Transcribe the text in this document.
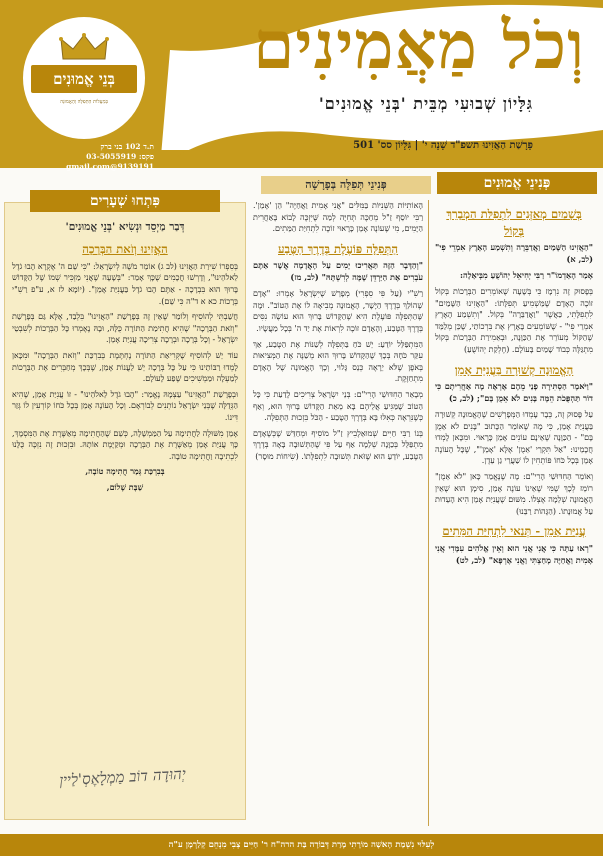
בְּנֵי אֱמוּנִים
בְּמַעֲלוֹת הַתְּפִלָּה וְהָאֱמוּנָה
וְכֹל מַאֲמִינִים
גִּלָּיוֹן שְׁבוּעִי מְבֵּית 'בְּנֵי אֱמוּנִים'
פָּרָשַׁת הַאֲזִינוּ תשפ"ד שָׁנָה י' | גִּלָּיוֹן סס' 501
ת.ד 102 בני ברק
פקס: 03-5055919
9139191@gmail.com
פְּנִינֵי אֱמוּנִים
פְּנִינֵי תְּפִלָּה בְּפָרָשָׁה
פִּתְחוּ שְׁעָרִים
בְּשָׁמַיִם מְאַזְּנִים לִתְפִלַּת הַמְבָרֵךְ בְּקוֹל

"הַאֲזִינוּ הַשָּׁמַיִם וַאֲדַבֵּרָה וְתִשְׁמַע הָאָרֶץ אִמְרֵי פִי" (לב, א)

אָמַר הָאַדְמוֹ"ר רַבִּי יְחִיאֵל יְהוֹשֻׁעַ מִבְּיאַלֶה:

בְּפָסוּק זֶה נִרְמָז כִּי בְּשָׁעָה שֶׁאוֹמְרִים הַבְּרָכוֹת בְּקוֹל זוֹכֶה הָאָדָם שֶׁמֵּשְׁמִיעַ תְּפִלָּתוֹ: "הַאֲזִינוּ הַשָּׁמַיִם" לִתְפִלָּתִי, כַּאֲשֶׁר "וַאֲדַבֵּרָה" בְּקוֹל. "וְתִשְׁמַע הָאָרֶץ אִמְרֵי פִי" - שֶׁשּׁוֹמְעִים בָּאָרֶץ אֶת בִּרְכוֹתַי, שֶׁכֵּן מְלַמֵּד שֶׁהַקּוֹל מְעוֹרֵר אֶת הַכַּוָּנָה, וּבְאֵמִירַת הַבְּרָכוֹת בְּקוֹל מִתְגַּלֶּה כְּבוֹד שָׁמַיִם בָּעוֹלָם. (חֶלְקַת יְהוֹשֻׁעַ)

הָאֱמוּנָה קְשׁוּרָה בַּעֲנִיַּת אָמֵן

"וַיֹּאמֶר הַסְתִּירָה פָנַי מֵהֶם אֶרְאֶה מָה אַחֲרִיתָם כִּי דוֹר תַּהְפֻּכֹת הֵמָּה בָּנִים לֹא אֵמֻן בָּם"; (לב, כ)

עַל פָּסוּק זֶה, כְּבָר עָמְדוּ הַמְּפָרְשִׁים שֶׁהָאֱמוּנָה קְשׁוּרָה בַּעֲנִיַּת אָמֵן, כִּי מָה שֶׁאוֹמֵר הַכָּתוּב "בָּנִים לֹא אֵמֻן בָּם" - הַכַּוָּנָה שֶׁאֵינָם עוֹנִים אָמֵן כָּרָאוּי. וּמִכָּאן לָמְדוּ חֲכָמֵינוּ: "אַל תִּקְרֵי 'אֵמֻן' אֶלָּא 'אָמֵן'", שֶׁכָּל הָעוֹנֶה אָמֵן בְּכָל כֹּחוֹ פּוֹתְחִין לוֹ שַׁעֲרֵי גַן עֵדֶן.

וְאוֹמֵר הַחִדּוּשֵׁי הָרִי"ם: מָה שֶׁנֶּאֱמַר כָּאן "לֹא אֵמֻן" רוֹמֵז לְכָךְ שֶׁמִּי שֶׁאֵינוֹ עוֹנֶה אָמֵן, סִימָן הוּא שֶׁאֵין הָאֱמוּנָה שְׁלֵמָה אֶצְלוֹ. מִשּׁוּם שֶׁעֲנִיַּת אָמֵן הִיא הָעֵדוּת עַל אֱמוּנָתוֹ. (הַגָּהוֹת רַבֵּנוּ)

עֲנִיַּת אָמֵן - תְּנַאי לִתְחִיַּת הַמֵּתִים

"רְאוּ עַתָּה כִּי אֲנִי אֲנִי הוּא וְאֵין אֱלֹהִים עִמָּדִי אֲנִי אָמִית וַאֲחַיֶּה מָחַצְתִּי וַאֲנִי אֶרְפָּא" (לב, לט)

הָאוֹתִיּוֹת הַשְּׁנִיּוֹת בַּמִּלִּים "אֲנִי אָמִית וַאֲחַיֶּה" הֵן 'אָמֵן'. רַבִּי יוֹסֵף זַ"ל מְחַכֶּה תְּחִיָּה לְמַה שֶּׁיִּזְכֶּה לָבוֹא בָּאַחֲרִית הַיָּמִים, מִי שֶׁעוֹנֶה אָמֵן כָּרָאוּי זוֹכֶה לִתְחִיַּת הַמֵּתִים.

הַתְּפִלָּה פּוֹעֶלֶת בְּדֶרֶךְ הַטֶּבַע

"וְהַדָּבָר הַזֶּה תַּאֲרִיכוּ יָמִים עַל הָאֲדָמָה אֲשֶׁר אַתֶּם עֹבְרִים אֶת הַיַּרְדֵּן שָׁמָּה לְרִשְׁתָּהּ" (לב, מז)

רַשִׁ"י (עַל פִּי סִפְרִי) מְפָרֵשׁ שֶׁיִּשְׂרָאֵל אָמְרוּ: "אָדָם שֶׁהוֹלֵךְ בְּדֶרֶךְ הַיָּשָׁר, הָאֱמוּנָה מְבִיאָה לוֹ אֶת הַטּוֹב". וּמָה שֶּׁהַתְּפִלָּה פּוֹעֶלֶת הִיא שֶׁהַקָּדוֹשׁ בָּרוּךְ הוּא עוֹשֶׂה נִסִּים בְּדֶרֶךְ הַטֶּבַע, וְהָאָדָם זוֹכֶה לִרְאוֹת אֶת יַד ה' בְּכָל מַעֲשָׂיו.

הַמִּתְפַּלֵּל יוֹדֵעַ: יֵשׁ כֹּחַ בַּתְּפִלָּה לְשַׁנּוֹת אֶת הַטֶּבַע, אַךְ עִקַּר כֹּחָהּ בְּכָךְ שֶׁהַקָּדוֹשׁ בָּרוּךְ הוּא מְשַׁנֶּה אֶת הַמְּצִיאוּת בְּאֹפֶן שֶׁלֹּא יֵרָאֶה כְּנֵס גָּלוּי, וְכָךְ הָאֱמוּנָה שֶׁל הָאָדָם מִתְחַזֶּקֶת.

מְבָאֵר הַחִדּוּשֵׁי הָרִי"ם: בְּנֵי יִשְׂרָאֵל צְרִיכִים לָדַעַת כִּי כָּל הַטּוֹב שֶׁמַּגִּיעַ אֲלֵיהֶם בָּא מֵאֵת הַקָּדוֹשׁ בָּרוּךְ הוּא, וְאַף כְּשֶׁנִּרְאֶה כְּאִלּוּ בָּא בְּדֶרֶךְ הַטֶּבַע - הַכֹּל בִּזְכוּת הַתְּפִלָּה.

בְּנוֹ רַבִּי חַיִּים שְׁמוּאֵלֶבִיץ זַ"ל מוֹסִיף וּמְחַדֵּשׁ שֶׁכְּשֶׁאָדָם מִתְפַּלֵּל בְּכַוָּנָה שְׁלֵמָה אַף עַל פִּי שֶׁהַתְּשׁוּבָה בָּאָה בְּדֶרֶךְ הַטֶּבַע, יוֹדֵעַ הוּא שֶׁזֹּאת תְּשׁוּבָה לִתְפִלָּתוֹ. (שִׂיחוֹת מוּסָר)

דְּבַר מַיְסֵד וּנְשִׂיא 'בְּנֵי אֱמוּנִים'
הַאֲזִינוּ וְזֹאת הַבְּרָכָה

בְּסִפְרוֹ שִׁירַת הַאֲזִינוּ (לב ג) אוֹמֵר מֹשֶׁה לְיִשְׂרָאֵל: "כִּי שֵׁם ה' אֶקְרָא הָבוּ גֹדֶל לֵאלֹהֵינוּ", וְדָרְשׁוּ חֲכָמִים שֶׁכָּךְ אָמַר: "בְּשָׁעָה שֶׁאֲנִי מַזְכִּיר שְׁמוֹ שֶׁל הַקָּדוֹשׁ בָּרוּךְ הוּא בִּבְרָכָה - אַתֶּם הָבוּ גֹדֶל בַּעֲנִיַּת אָמֵן". (יוֹמָא לז א, ע"פ רַשִׁ"י בְּרָכוֹת כא א ד"ה כִּי שֵׁם).

חֲשַׁבְתִּי לְהוֹסִיף וְלוֹמַר שֶׁאֵין זֶה בְּפָרָשַׁת "הַאֲזִינוּ" בִּלְבַד, אֶלָּא גַּם בְּפָרָשַׁת "וְזֹאת הַבְּרָכָה" שֶׁהִיא חֲתִימַת הַתּוֹרָה כֻּלָּהּ, וּבָהּ נֶאֶמְרוּ כָּל הַבְּרָכוֹת לְשִׁבְטֵי יִשְׂרָאֵל - וְכָל בְּרָכָה וּבְרָכָה צְרִיכָה עֲנִיַּת אָמֵן.

עוֹד יֵשׁ לְהוֹסִיף שֶׁקְּרִיאַת הַתּוֹרָה נֶחְתֶּמֶת בְּבִרְכַּת "וְזֹאת הַבְּרָכָה" וּמִכָּאן לָמְדוּ רַבּוֹתֵינוּ כִּי עַל כָּל בְּרָכָה יֵשׁ לַעֲנוֹת אָמֵן, שֶׁבְּכָךְ מְחַבְּרִים אֶת הַבְּרָכוֹת לְמַעְלָה וּמַמְשִׁיכִים שֶׁפַע לָעוֹלָם.

וּבְפָרָשַׁת "הַאֲזִינוּ" עַצְמָהּ נֶאֱמַר: "הָבוּ גֹדֶל לֵאלֹהֵינוּ" - זוֹ עֲנִיַּת אָמֵן, שֶׁהִיא הַגְּדֻלָּה שֶׁבְּנֵי יִשְׂרָאֵל נוֹתְנִים לְבוֹרְאָם. וְכָל הָעוֹנֶה אָמֵן בְּכָל כֹּחוֹ קוֹרְעִין לוֹ גְּזַר דִּינוֹ.

אָמֵן מִשּׁוּלֶה לַחֲתִימָה עַל הַמַּמְשָׁלָה, כְּשֵׁם שֶׁהַחֲתִימָה מְאַשֶּׁרֶת אֶת הַמִּסְמָךְ, כָּךְ עֲנִיַּת אָמֵן מְאַשֶּׁרֶת אֶת הַבְּרָכָה וּמְקַיֶּמֶת אוֹתָהּ. וּבִזְכוּת זֶה נִזְכֶּה כֻּלָּנוּ לִכְתִיבָה וַחֲתִימָה טוֹבָה.

בְּבִרְכַּת גְּמַר חֲתִימָה טוֹבָה,

שַׁבָּת שָׁלוֹם,

יְהוּדָה דוֹב מַמְלָאֶסְ'לַיין
לְעִלּוּי נִשְׁמַת הָאשָׁה מוֹרָתִי מָרַת דְּבוֹרָה בַּת הרה"ח ר' חַיִּים צְבִי מִנְחֵם קְלַרְמָן ע"ה
